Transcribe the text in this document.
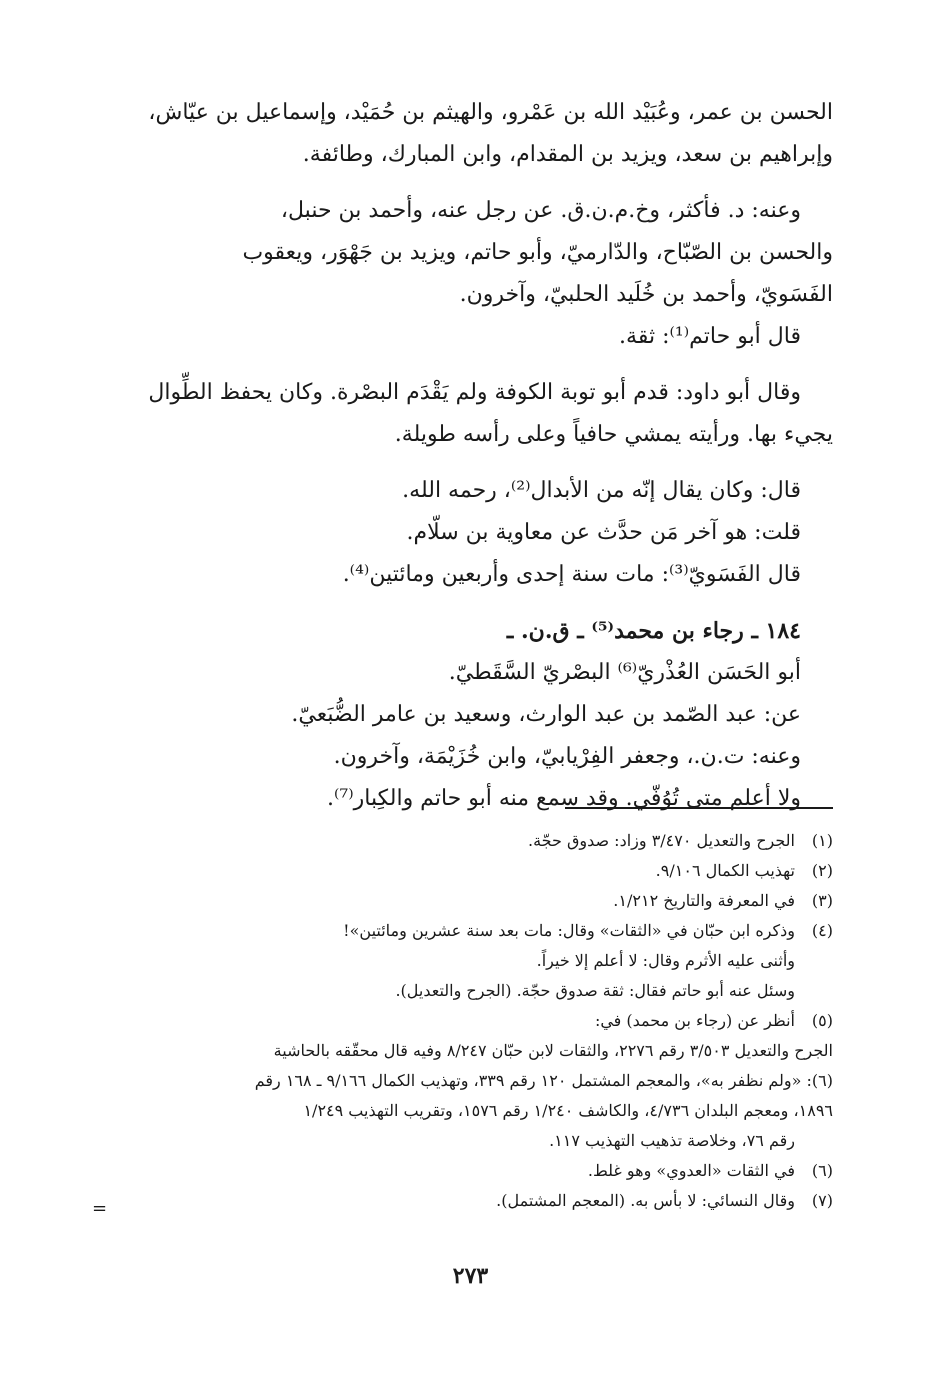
الحسن بن عمر، وعُبَيْد الله بن عَمْرو، والهيثم بن حُمَيْد، وإسماعيل بن عيّاش،

وإبراهيم بن سعد، ويزيد بن المقدام، وابن المبارك، وطائفة.

وعنه: د. فأكثر، وخ.م.ن.ق. عن رجل عنه، وأحمد بن حنبل،

والحسن بن الصّبّاح، والدّارميّ، وأبو حاتم، ويزيد بن جَهْوَر، ويعقوب

الفَسَويّ، وأحمد بن خُلَيد الحلبيّ، وآخرون.

قال أبو حاتم⁽¹⁾: ثقة.

وقال أبو داود: قدم أبو توبة الكوفة ولم يَقْدَم البصْرة. وكان يحفظ الطِّوال

يجيء بها. ورأيته يمشي حافياً وعلى رأسه طويلة.

قال: وكان يقال إنّه من الأبدال⁽²⁾، رحمه الله.

قلت: هو آخر مَن حدَّث عن معاوية بن سلّام.

قال الفَسَويّ⁽³⁾: مات سنة إحدى وأربعين ومائتين⁽⁴⁾.

١٨٤ ـ رجاء بن محمد⁽⁵⁾ ـ ق.ن. ـ

أبو الحَسَن العُذْريّ⁽⁶⁾ البصْريّ السَّقَطيّ.

عن: عبد الصّمد بن عبد الوارث، وسعيد بن عامر الضُّبَعيّ.

وعنه: ت.ن.، وجعفر الفِرْيابيّ، وابن خُزَيْمَة، وآخرون.

ولا أعلم متى تُوُفّي. وقد سمع منه أبو حاتم والكِبار⁽⁷⁾.

(١)
الجرح والتعديل ٣/٤٧٠ وزاد: صدوق حجّة.
(٢)
تهذيب الكمال ٩/١٠٦.
(٣)
في المعرفة والتاريخ ١/٢١٢.
(٤)
وذكره ابن حبّان في «الثقات» وقال: مات بعد سنة عشرين ومائتين»!
وأثنى عليه الأثرم وقال: لا أعلم إلا خيراً.
وسئل عنه أبو حاتم فقال: ثقة صدوق حجّة. (الجرح والتعديل).
(٥)
أنظر عن (رجاء بن محمد) في:
الجرح والتعديل ٣/٥٠٣ رقم ٢٢٧٦، والثقات لابن حبّان ٨/٢٤٧ وفيه قال محقّقه بالحاشية
(٦): «ولم نظفر به»، والمعجم المشتمل ١٢٠ رقم ٣٣٩، وتهذيب الكمال ٩/١٦٦ ـ ١٦٨ رقم
١٨٩٦، ومعجم البلدان ٤/٧٣٦، والكاشف ١/٢٤٠ رقم ١٥٧٦، وتقريب التهذيب ١/٢٤٩
رقم ٧٦، وخلاصة تذهيب التهذيب ١١٧.
(٦)
في الثقات «العدوي» وهو غلط.
(٧)
وقال النسائي: لا بأس به. (المعجم المشتمل).
=
٢٧٣
